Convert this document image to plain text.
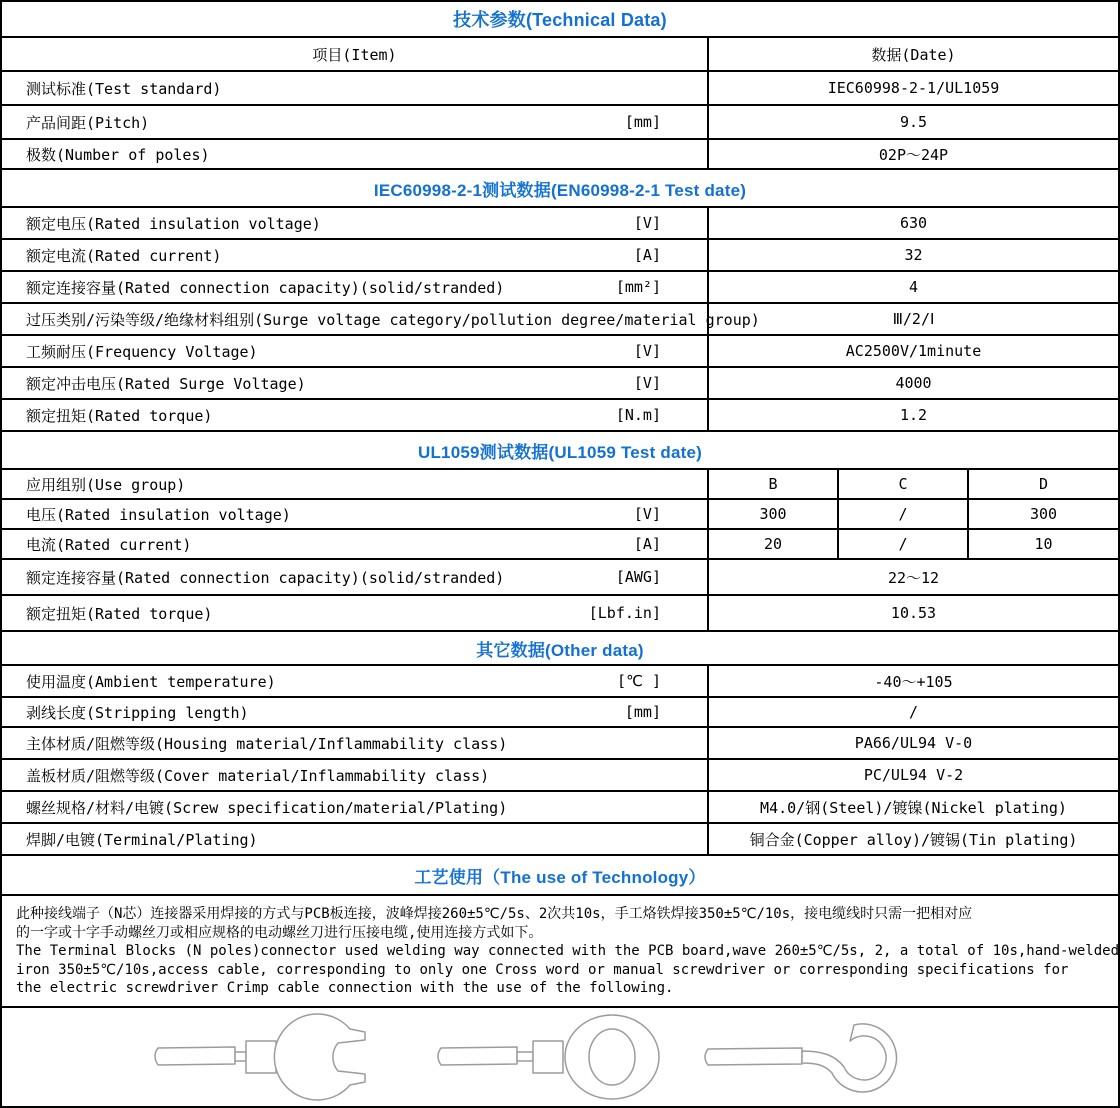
技术参数(Technical Data)
项目(Item)	数据(Date)
测试标准(Test standard)	IEC60998-2-1/UL1059
产品间距(Pitch)	[mm]	9.5
极数(Number of poles)	02P～24P
IEC60998-2-1测试数据(EN60998-2-1 Test date)
额定电压(Rated insulation voltage)	[V]	630
额定电流(Rated current)	[A]	32
额定连接容量(Rated connection capacity)(solid/stranded)	[mm²]	4
过压类别/污染等级/绝缘材料组别(Surge voltage category/pollution degree/material group)	Ⅲ/2/Ⅰ
工频耐压(Frequency Voltage)	[V]	AC2500V/1minute
额定冲击电压(Rated Surge Voltage)	[V]	4000
额定扭矩(Rated torque)	[N.m]	1.2
UL1059测试数据(UL1059 Test date)
应用组别(Use group)	B	C	D
电压(Rated insulation voltage)	[V]	300	/	300
电流(Rated current)	[A]	20	/	10
额定连接容量(Rated connection capacity)(solid/stranded)	[AWG]	22～12
额定扭矩(Rated torque)	[Lbf.in]	10.53
其它数据(Other data)
使用温度(Ambient temperature)	[℃ ]	-40～+105
剥线长度(Stripping length)	[mm]	/
主体材质/阻燃等级(Housing material/Inflammability class)	PA66/UL94 V-0
盖板材质/阻燃等级(Cover material/Inflammability class)	PC/UL94 V-2
螺丝规格/材料/电镀(Screw specification/material/Plating)	M4.0/钢(Steel)/镀镍(Nickel plating)
焊脚/电镀(Terminal/Plating)	铜合金(Copper alloy)/镀锡(Tin plating)
工艺使用（The use of Technology）
此种接线端子（N芯）连接器采用焊接的方式与PCB板连接，波峰焊接260±5℃/5s、2次共10s，手工烙铁焊接350±5℃/10s，接电缆线时只需一把相对应
的一字或十字手动螺丝刀或相应规格的电动螺丝刀进行压接电缆,使用连接方式如下。
The Terminal Blocks (N poles)connector used welding way connected with the PCB board,wave 260±5℃/5s, 2, a total of 10s,hand-welded
iron 350±5℃/10s,access cable, corresponding to only one Cross word or manual screwdriver or corresponding specifications for
the electric screwdriver Crimp cable connection with the use of the following.
